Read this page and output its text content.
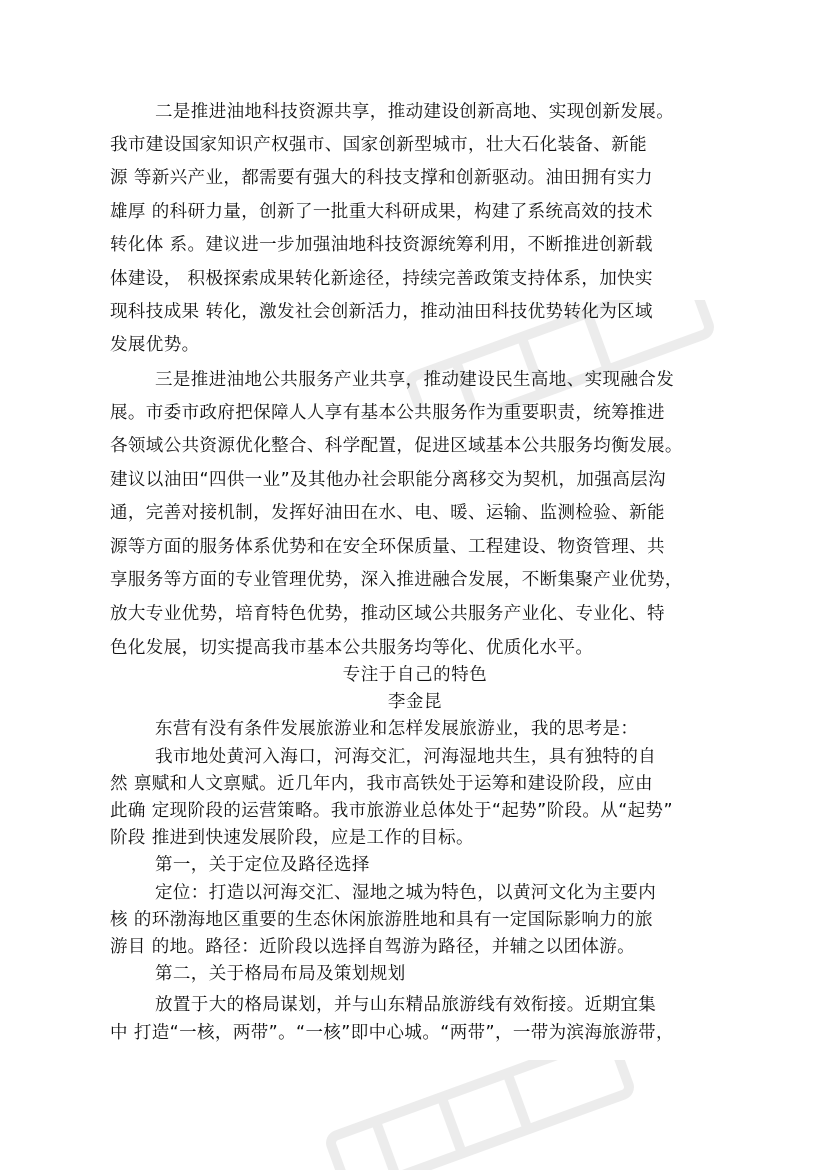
二是推进油地科技资源共享，推动建设创新高地、实现创新发展。
我市建设国家知识产权强市、国家创新型城市，壮大石化装备、新能
源 等新兴产业，都需要有强大的科技支撑和创新驱动。油田拥有实力
雄厚 的科研力量，创新了一批重大科研成果，构建了系统高效的技术
转化体 系。建议进一步加强油地科技资源统筹利用，不断推进创新载
体建设， 积极探索成果转化新途径，持续完善政策支持体系，加快实
现科技成果 转化，激发社会创新活力，推动油田科技优势转化为区域
发展优势。
三是推进油地公共服务产业共享，推动建设民生高地、实现融合发
展。市委市政府把保障人人享有基本公共服务作为重要职责，统筹推进
各领域公共资源优化整合、科学配置，促进区域基本公共服务均衡发展。
建议以油田“四供一业”及其他办社会职能分离移交为契机，加强高层沟
通，完善对接机制，发挥好油田在水、电、暖、运输、监测检验、新能
源等方面的服务体系优势和在安全环保质量、工程建设、物资管理、共
享服务等方面的专业管理优势，深入推进融合发展，不断集聚产业优势，
放大专业优势，培育特色优势，推动区域公共服务产业化、专业化、特
色化发展，切实提高我市基本公共服务均等化、优质化水平。
专注于自己的特色
李金昆
东营有没有条件发展旅游业和怎样发展旅游业，我的思考是：
我市地处黄河入海口，河海交汇，河海湿地共生，具有独特的自
然 禀赋和人文禀赋。近几年内，我市高铁处于运筹和建设阶段，应由
此确 定现阶段的运营策略。我市旅游业总体处于“起势”阶段。从“起势”
阶段 推进到快速发展阶段，应是工作的目标。
第一，关于定位及路径选择
定位：打造以河海交汇、湿地之城为特色，以黄河文化为主要内
核 的环渤海地区重要的生态休闲旅游胜地和具有一定国际影响力的旅
游目 的地。路径：近阶段以选择自驾游为路径，并辅之以团体游。
第二，关于格局布局及策划规划
放置于大的格局谋划，并与山东精品旅游线有效衔接。近期宜集
中 打造“一核，两带”。“一核”即中心城。“两带”，一带为滨海旅游带，
